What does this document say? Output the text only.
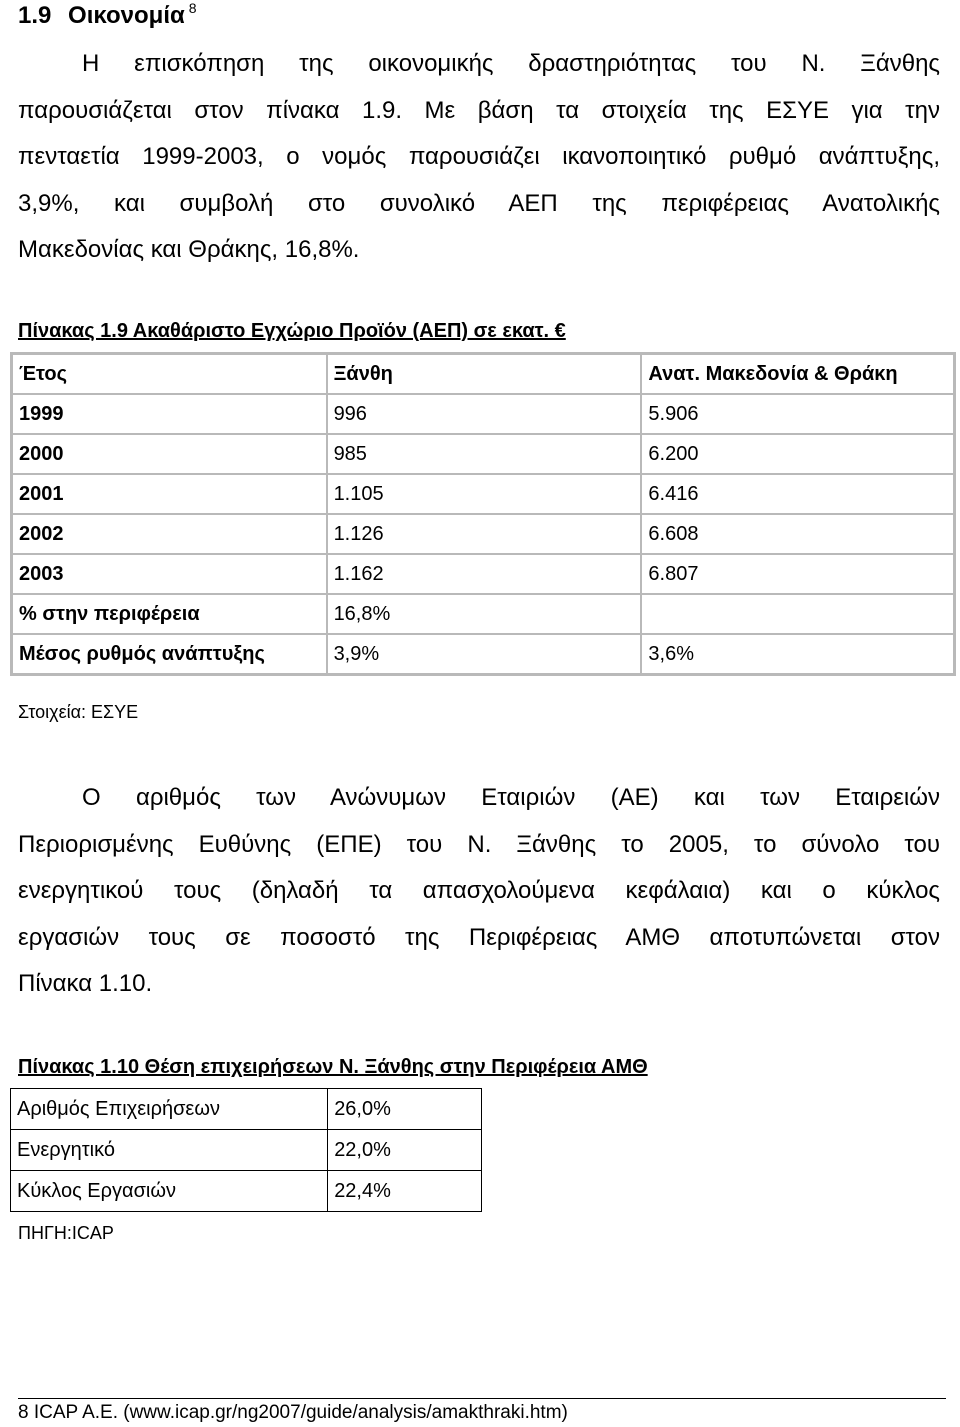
1.9 Οικονομία $^8$
Η επισκόπηση της οικονομικής δραστηριότητας του Ν. Ξάνθης
παρουσιάζεται στον πίνακα 1.9. Με βάση τα στοιχεία της ΕΣΥΕ για την
πενταετία 1999-2003, ο νομός παρουσιάζει ικανοποιητικό ρυθμό ανάπτυξης,
3,9%, και συμβολή στο συνολικό ΑΕΠ της περιφέρειας Ανατολικής
Μακεδονίας και Θράκης, 16,8%.
Πίνακας 1.9 Ακαθάριστο Εγχώριο Προϊόν (ΑΕΠ) σε εκατ. €
Έτος	Ξάνθη	Ανατ. Μακεδονία & Θράκη
1999	996	5.906
2000	985	6.200
2001	1.105	6.416
2002	1.126	6.608
2003	1.162	6.807
% στην περιφέρεια	16,8%	
Μέσος ρυθμός ανάπτυξης	3,9%	3,6%
Στοιχεία: ΕΣΥΕ
Ο αριθμός των Ανώνυμων Εταιριών (ΑΕ) και των Εταιρειών
Περιορισμένης Ευθύνης (ΕΠΕ) του Ν. Ξάνθης το 2005, το σύνολο του
ενεργητικού τους (δηλαδή τα απασχολούμενα κεφάλαια) και ο κύκλος
εργασιών τους σε ποσοστό της Περιφέρειας ΑΜΘ αποτυπώνεται στον
Πίνακα 1.10.
Πίνακας 1.10 Θέση επιχειρήσεων Ν. Ξάνθης στην Περιφέρεια ΑΜΘ
Αριθμός Επιχειρήσεων	26,0%
Ενεργητικό	22,0%
Κύκλος Εργασιών	22,4%
ΠΗΓΗ:ICAP
8 ICAP A.E. (www.icap.gr/ng2007/guide/analysis/amakthraki.htm)
